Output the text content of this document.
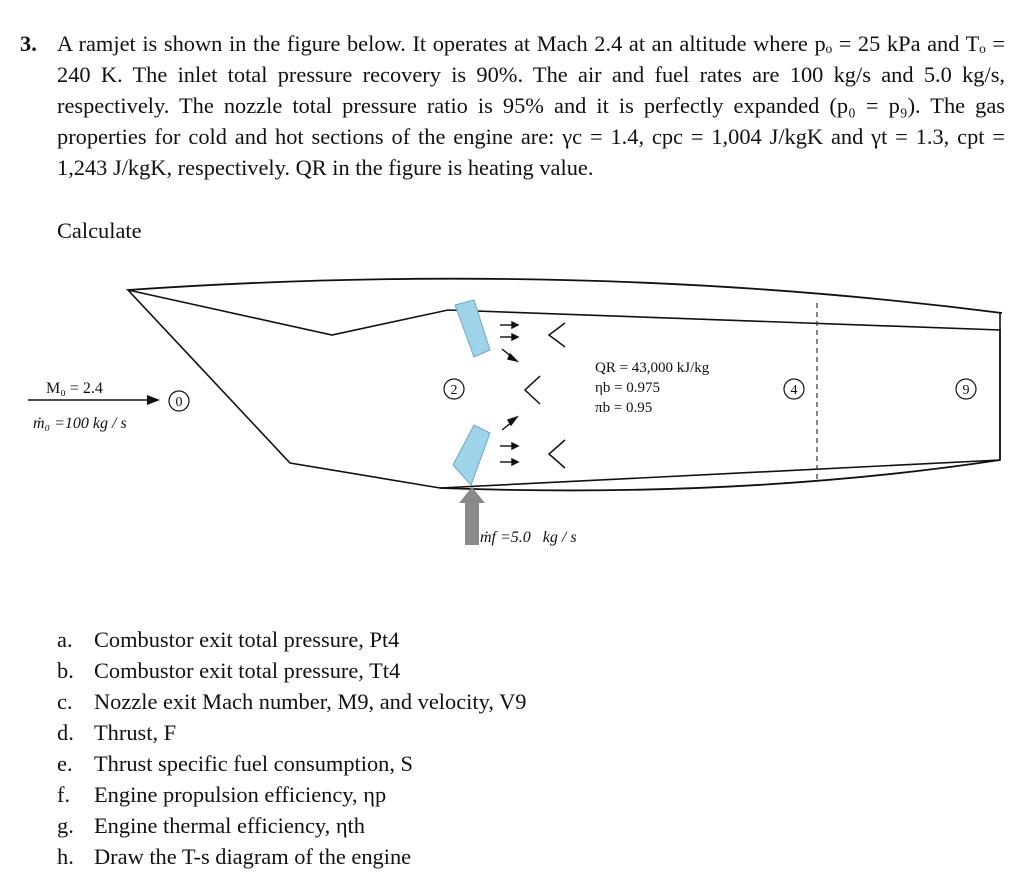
3. A ramjet is shown in the figure below. It operates at Mach 2.4 at an altitude where pₒ = 25 kPa and Tₒ = 240 K. The inlet total pressure recovery is 90%. The air and fuel rates are 100 kg/s and 5.0 kg/s, respectively. The nozzle total pressure ratio is 95% and it is perfectly expanded (p₀ = p₉). The gas properties for cold and hot sections of the engine are: γc = 1.4, cpc = 1,004 J/kgK and γt = 1.3, cpt = 1,243 J/kgK, respectively. QR in the figure is heating value.
Calculate
M₀ = 2.4
ṁ₀ =100 kg / s
0
2	4	9
QR = 43,000 kJ/kg
ηb = 0.975
πb = 0.95
ṁf =5.0   kg / s
a. Combustor exit total pressure, Pt4
b. Combustor exit total pressure, Tt4
c. Nozzle exit Mach number, M9, and velocity, V9
d. Thrust, F
e. Thrust specific fuel consumption, S
f.	Engine propulsion efficiency, ηp
g. Engine thermal efficiency, ηth
h. Draw the T-s diagram of the engine
